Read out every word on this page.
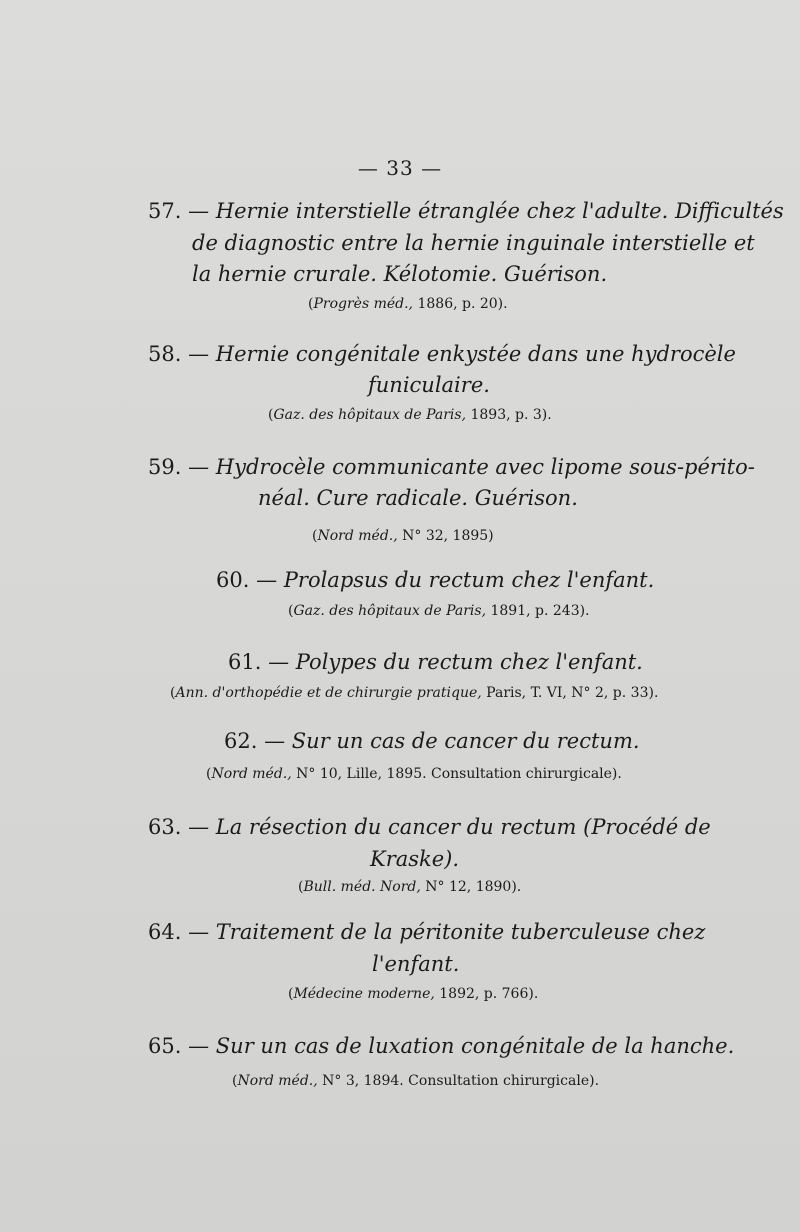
— 33 —
57. — Hernie interstielle étranglée chez l'adulte. Difficultés
de diagnostic entre la hernie inguinale interstielle et
la hernie crurale. Kélotomie. Guérison.
(Progrès méd., 1886, p. 20).
58. — Hernie congénitale enkystée dans une hydrocèle
funiculaire.
(Gaz. des hôpitaux de Paris, 1893, p. 3).
59. — Hydrocèle communicante avec lipome sous-périto-
néal. Cure radicale. Guérison.
(Nord méd., N° 32, 1895)
60. — Prolapsus du rectum chez l'enfant.
(Gaz. des hôpitaux de Paris, 1891, p. 243).
61. — Polypes du rectum chez l'enfant.
(Ann. d'orthopédie et de chirurgie pratique, Paris, T. VI, N° 2, p. 33).
62. — Sur un cas de cancer du rectum.
(Nord méd., N° 10, Lille, 1895. Consultation chirurgicale).
63. — La résection du cancer du rectum (Procédé de
Kraske).
(Bull. méd. Nord, N° 12, 1890).
64. — Traitement de la péritonite tuberculeuse chez
l'enfant.
(Médecine moderne, 1892, p. 766).
65. — Sur un cas de luxation congénitale de la hanche.
(Nord méd., N° 3, 1894. Consultation chirurgicale).
